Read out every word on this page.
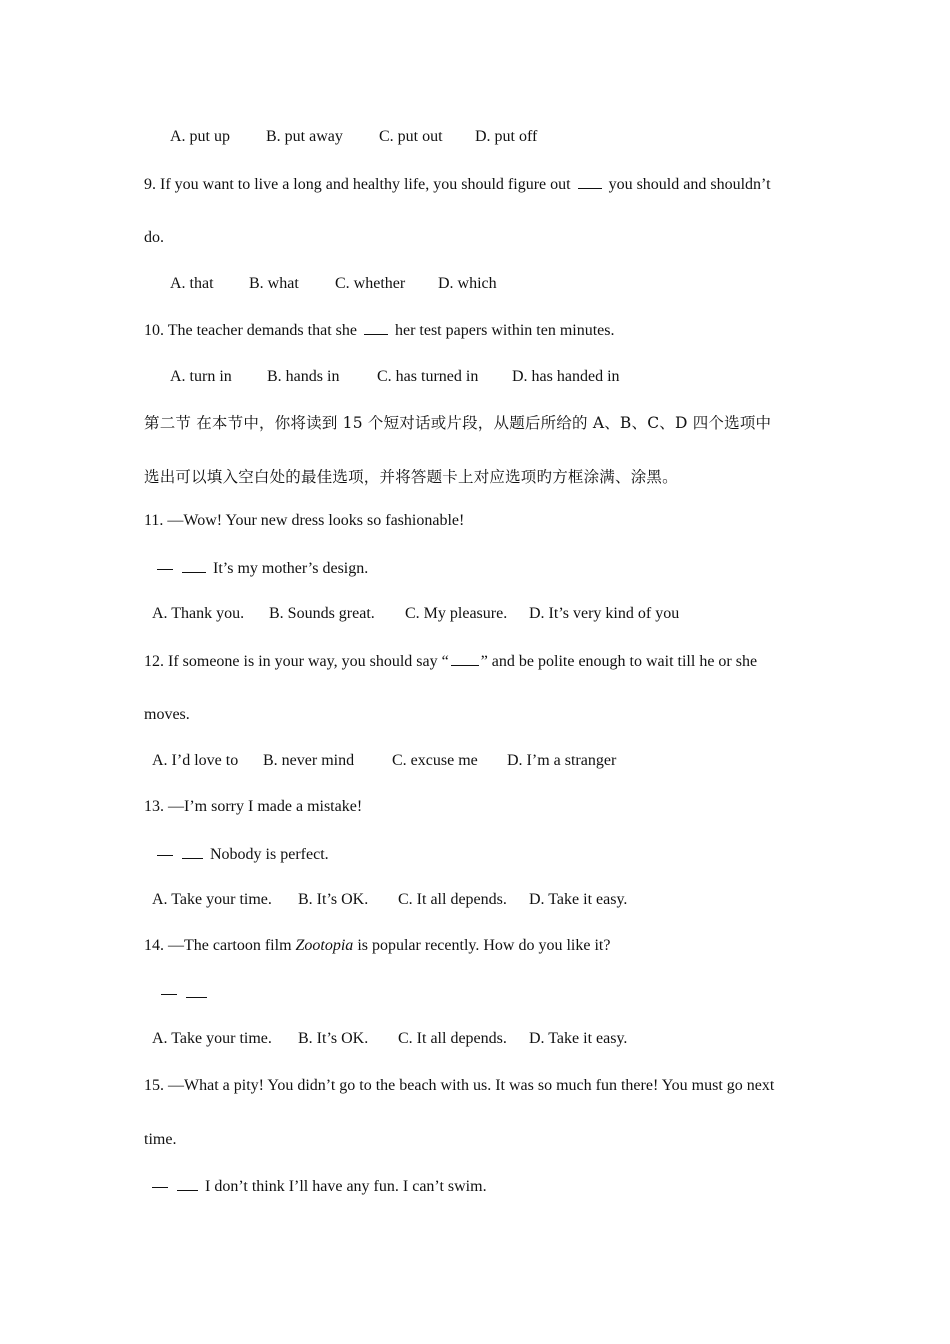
A. put up B. put away C. put out D. put off
9. If you want to live a long and healthy life, you should figure out you should and shouldn’t
do.
A. that B. what C. whether D. which
10. The teacher demands that she her test papers within ten minutes.
A. turn in B. hands in C. has turned in D. has handed in
第二节 在本节中，你将读到 15 个短对话或片段，从题后所给的 A、B、C、D 四个选项中
选出可以填入空白处的最佳选项，并将答题卡上对应选项旳方框涂满、涂黑。
11. —Wow! Your new dress looks so fashionable!
It’s my mother’s design.
A. Thank you. B. Sounds great. C. My pleasure. D. It’s very kind of you
12. If someone is in your way, you should say “ ” and be polite enough to wait till he or she
moves.
A. I’d love to B. never mind C. excuse me D. I’m a stranger
13. —I’m sorry I made a mistake!
Nobody is perfect.
A. Take your time. B. It’s OK. C. It all depends. D. Take it easy.
14. —The cartoon film Zootopia is popular recently. How do you like it?

A. Take your time. B. It’s OK. C. It all depends. D. Take it easy.
15. —What a pity! You didn’t go to the beach with us. It was so much fun there! You must go next
time.
I don’t think I’ll have any fun. I can’t swim.
